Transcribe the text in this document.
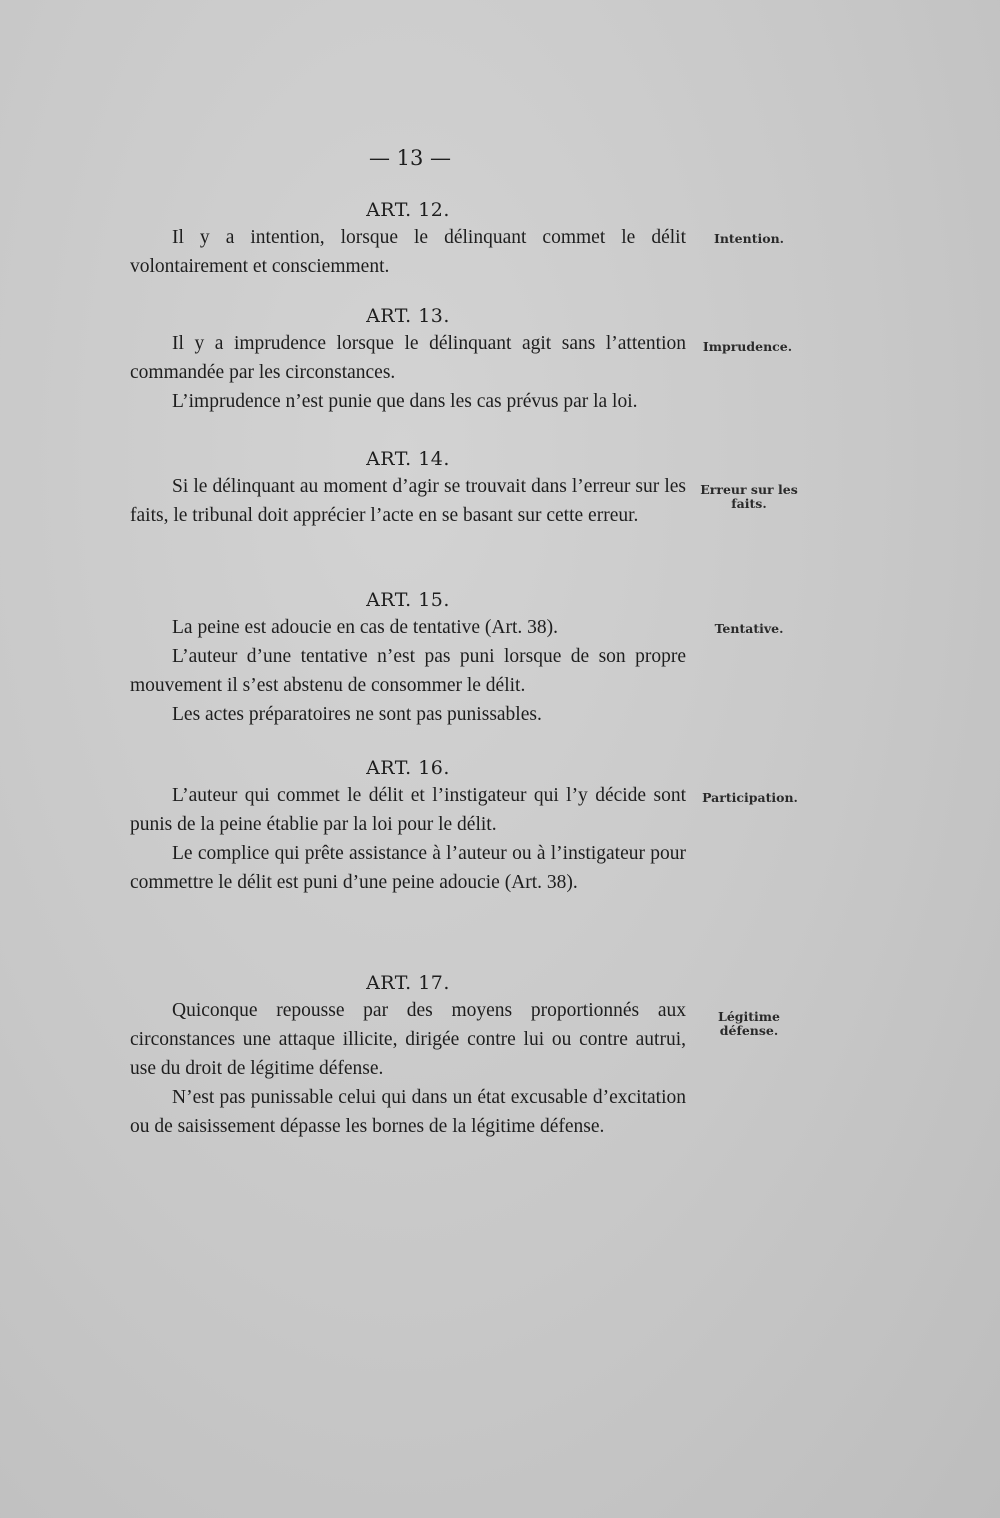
— 13 —

ART. 12.

Il y a intention, lorsque le délinquant commet le délit volontairement et consciemment.

Intention.

ART. 13.

Il y a imprudence lorsque le délinquant agit sans l’attention commandée par les circonstances.

L’imprudence n’est punie que dans les cas prévus par la loi.

Imprudence.

ART. 14.

Si le délinquant au moment d’agir se trouvait dans l’erreur sur les faits, le tribunal doit apprécier l’acte en se basant sur cette erreur.

Erreur sur les faits.

ART. 15.

La peine est adoucie en cas de tentative (Art. 38).

L’auteur d’une tentative n’est pas puni lorsque de son propre mouvement il s’est abstenu de consommer le délit.

Les actes préparatoires ne sont pas punissables.

Tentative.

ART. 16.

L’auteur qui commet le délit et l’instigateur qui l’y décide sont punis de la peine établie par la loi pour le délit.

Le complice qui prête assistance à l’auteur ou à l’instigateur pour commettre le délit est puni d’une peine adoucie (Art. 38).

Participation.

ART. 17.

Quiconque repousse par des moyens proportionnés aux circonstances une attaque illicite, dirigée contre lui ou contre autrui, use du droit de légitime défense.

N’est pas punissable celui qui dans un état excusable d’excitation ou de saisissement dépasse les bornes de la légitime défense.

Légitime défense.
